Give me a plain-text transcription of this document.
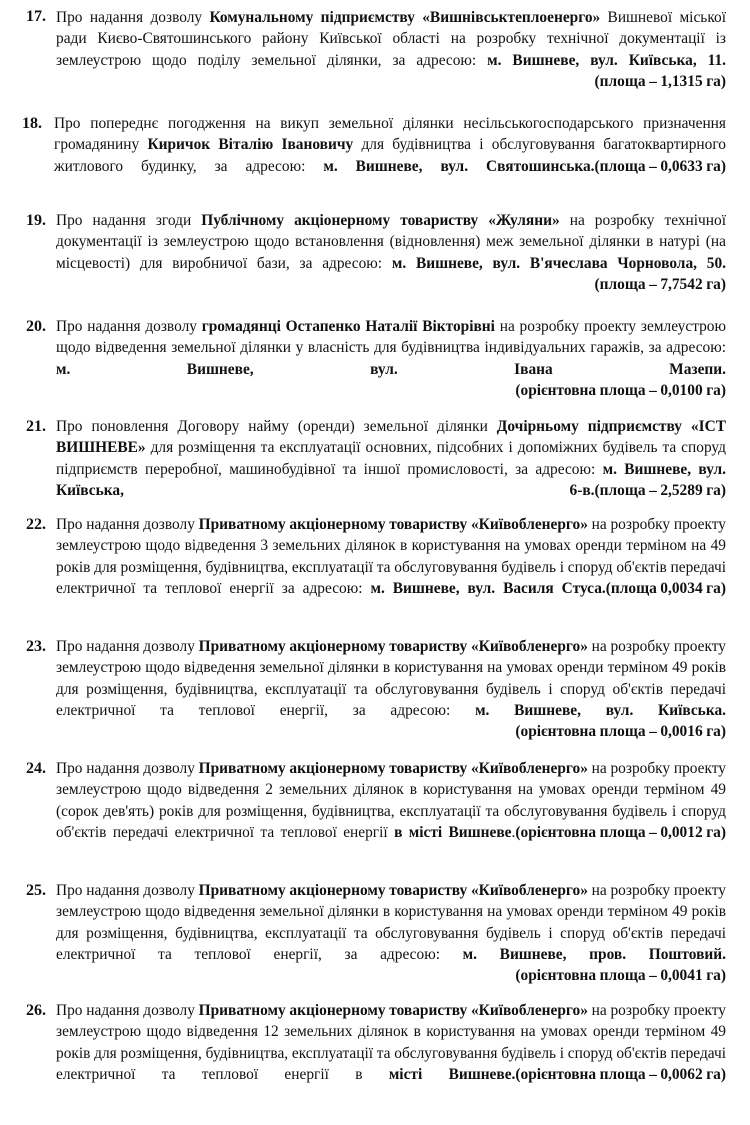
17. Про надання дозволу Комунальному підприємству «Вишнівськтеплоенерго» Вишневої міської ради Києво-Святошинського району Київської області на розробку технічної документації із землеустрою щодо поділу земельної ділянки, за адресою: м. Вишневе, вул. Київська, 11.
(площа – 1,1315 га)
18. Про попереднє погодження на викуп земельної ділянки несільськогосподарського призначення громадянину Киричок Віталію Івановичу для будівництва і обслуговування багатоквартирного житлового будинку, за адресою: м. Вишневе, вул. Святошинська. (площа – 0,0633 га)
19. Про надання згоди Публічному акціонерному товариству «Жуляни» на розробку технічної документації із землеустрою щодо встановлення (відновлення) меж земельної ділянки в натурі (на місцевості) для виробничої бази, за адресою: м. Вишневе, вул. В'ячеслава Чорновола, 50.
(площа – 7,7542 га)
20. Про надання дозволу громадянці Остапенко Наталії Вікторівні на розробку проекту землеустрою щодо відведення земельної ділянки у власність для будівництва індивідуальних гаражів, за адресою: м. Вишневе, вул. Івана Мазепи.
(орієнтовна площа – 0,0100 га)
21. Про поновлення Договору найму (оренди) земельної ділянки Дочірньому підприємству «ІСТ ВИШНЕВЕ» для розміщення та експлуатації основних, підсобних і допоміжних будівель та споруд підприємств переробної, машинобудівної та іншої промисловості, за адресою: м. Вишневе, вул. Київська, 6-в. (площа – 2,5289 га)
22. Про надання дозволу Приватному акціонерному товариству «Київобленерго» на розробку проекту землеустрою щодо відведення 3 земельних ділянок в користування на умовах оренди терміном на 49 років для розміщення, будівництва, експлуатації та обслуговування будівель і споруд об'єктів передачі електричної та теплової енергії за адресою: м. Вишневе, вул. Василя Стуса. (площа 0,0034 га)
23. Про надання дозволу Приватному акціонерному товариству «Київобленерго» на розробку проекту землеустрою щодо відведення земельної ділянки в користування на умовах оренди терміном 49 років для розміщення, будівництва, експлуатації та обслуговування будівель і споруд об'єктів передачі електричної та теплової енергії, за адресою: м. Вишневе, вул. Київська.
(орієнтовна площа – 0,0016 га)
24. Про надання дозволу Приватному акціонерному товариству «Київобленерго» на розробку проекту землеустрою щодо відведення 2 земельних ділянок в користування на умовах оренди терміном 49 (сорок дев'ять) років для розміщення, будівництва, експлуатації та обслуговування будівель і споруд об'єктів передачі електричної та теплової енергії в місті Вишневе. (орієнтовна площа – 0,0012 га)
25. Про надання дозволу Приватному акціонерному товариству «Київобленерго» на розробку проекту землеустрою щодо відведення земельної ділянки в користування на умовах оренди терміном 49 років для розміщення, будівництва, експлуатації та обслуговування будівель і споруд об'єктів передачі електричної та теплової енергії, за адресою: м. Вишневе, пров. Поштовий.
(орієнтовна площа – 0,0041 га)
26. Про надання дозволу Приватному акціонерному товариству «Київобленерго» на розробку проекту землеустрою щодо відведення 12 земельних ділянок в користування на умовах оренди терміном 49 років для розміщення, будівництва, експлуатації та обслуговування будівель і споруд об'єктів передачі електричної та теплової енергії в місті Вишневе. (орієнтовна площа – 0,0062 га)
